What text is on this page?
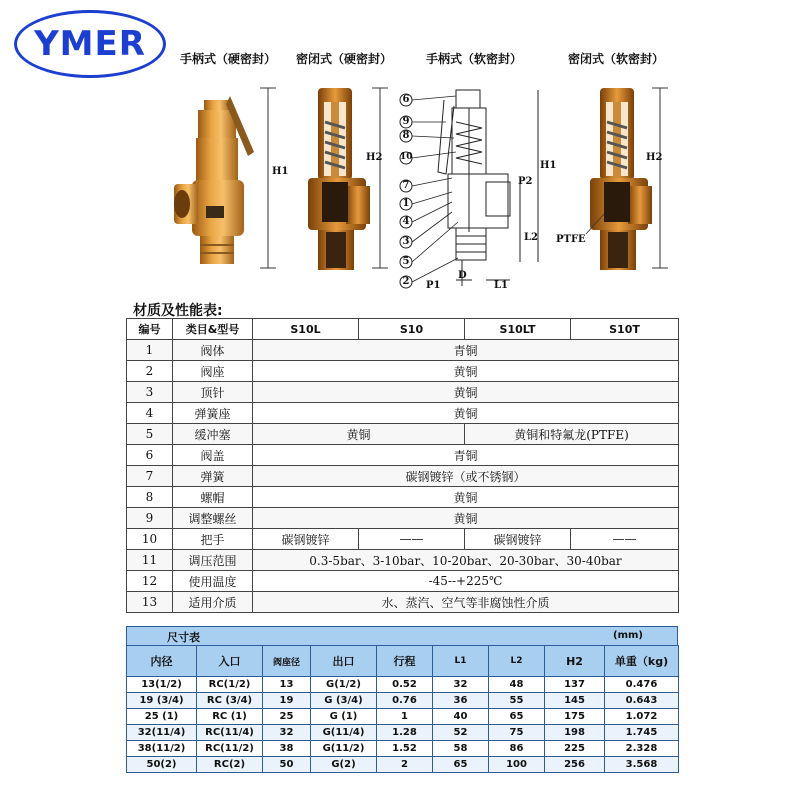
YMER	手柄式（硬密封） 密闭式（硬密封）	手柄式（软密封）	密闭式（软密封）
H1
H2
6
9
8
10
7
1
4
3
5
2
H1
P2
L2
D
P1	L1
H2
PTFE
材质及性能表:
编号	类目&型号	S10L	S10	S10LT	S10T
1	阀体	青铜			
2	阀座	黄铜			
3	顶针	黄铜			
4	弹簧座	黄铜			
5	缓冲塞	黄铜		黄铜和特氟龙(PTFE)	
6	阀盖	青铜			
7	弹簧	碳钢镀锌（或不锈钢）			
8	螺帽	黄铜			
9	调整螺丝	黄铜			
10	把手	碳钢镀锌	——	碳钢镀锌	——
11	调压范围	0.3-5bar、3-10bar、10-20bar、20-30bar、30-40bar			
12	使用温度	-45--+225℃			
13	适用介质	水、蒸汽、空气等非腐蚀性介质			
尺寸表	(mm)
内径	入口	阀座径	出口	行程	L1	L2	H2	单重（kg)
13(1/2)	RC(1/2)	13	G(1/2)	0.52	32	48	137	0.476
19 (3/4)	RC (3/4)	19	G (3/4)	0.76	36	55	145	0.643
25 (1)	RC (1)	25	G (1)	1	40	65	175	1.072
32(11/4)	RC(11/4)	32	G(11/4)	1.28	52	75	198	1.745
38(11/2)	RC(11/2)	38	G(11/2)	1.52	58	86	225	2.328
50(2)	RC(2)	50	G(2)	2	65	100	256	3.568
